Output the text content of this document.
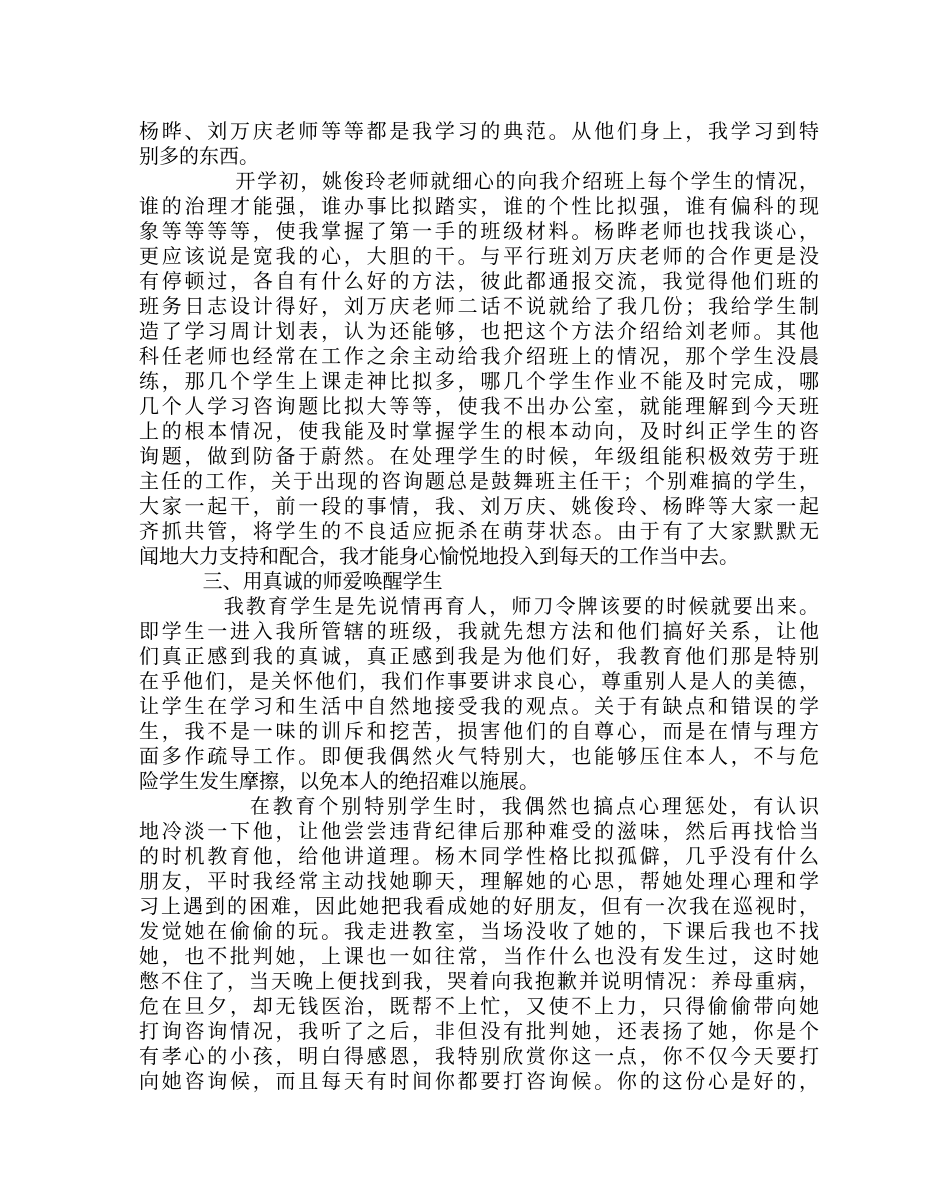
杨晔、刘万庆老师等等都是我学习的典范。从他们身上，我学习到特
别多的东西。
开学初，姚俊玲老师就细心的向我介绍班上每个学生的情况，
谁的治理才能强，谁办事比拟踏实，谁的个性比拟强，谁有偏科的现
象等等等等，使我掌握了第一手的班级材料。杨晔老师也找我谈心，
更应该说是宽我的心，大胆的干。与平行班刘万庆老师的合作更是没
有停顿过，各自有什么好的方法，彼此都通报交流，我觉得他们班的
班务日志设计得好，刘万庆老师二话不说就给了我几份；我给学生制
造了学习周计划表，认为还能够，也把这个方法介绍给刘老师。其他
科任老师也经常在工作之余主动给我介绍班上的情况，那个学生没晨
练，那几个学生上课走神比拟多，哪几个学生作业不能及时完成，哪
几个人学习咨询题比拟大等等，使我不出办公室，就能理解到今天班
上的根本情况，使我能及时掌握学生的根本动向，及时纠正学生的咨
询题，做到防备于蔚然。在处理学生的时候，年级组能积极效劳于班
主任的工作，关于出现的咨询题总是鼓舞班主任干；个别难搞的学生，
大家一起干，前一段的事情，我、刘万庆、姚俊玲、杨晔等大家一起
齐抓共管，将学生的不良适应扼杀在萌芽状态。由于有了大家默默无
闻地大力支持和配合，我才能身心愉悦地投入到每天的工作当中去。
三、用真诚的师爱唤醒学生
我教育学生是先说情再育人，师刀令牌该要的时候就要出来。
即学生一进入我所管辖的班级，我就先想方法和他们搞好关系，让他
们真正感到我的真诚，真正感到我是为他们好，我教育他们那是特别
在乎他们，是关怀他们，我们作事要讲求良心，尊重别人是人的美德，
让学生在学习和生活中自然地接受我的观点。关于有缺点和错误的学
生，我不是一味的训斥和挖苦，损害他们的自尊心，而是在情与理方
面多作疏导工作。即便我偶然火气特别大，也能够压住本人，不与危
险学生发生摩擦，以免本人的绝招难以施展。
在教育个别特别学生时，我偶然也搞点心理惩处，有认识
地冷淡一下他，让他尝尝违背纪律后那种难受的滋味，然后再找恰当
的时机教育他，给他讲道理。杨木同学性格比拟孤僻，几乎没有什么
朋友，平时我经常主动找她聊天，理解她的心思，帮她处理心理和学
习上遇到的困难，因此她把我看成她的好朋友，但有一次我在巡视时，
发觉她在偷偷的玩。我走进教室，当场没收了她的，下课后我也不找
她，也不批判她，上课也一如往常，当作什么也没有发生过，这时她
憋不住了，当天晚上便找到我，哭着向我抱歉并说明情况：养母重病，
危在旦夕，却无钱医治，既帮不上忙，又使不上力，只得偷偷带向她
打询咨询情况，我听了之后，非但没有批判她，还表扬了她，你是个
有孝心的小孩，明白得感恩，我特别欣赏你这一点，你不仅今天要打
向她咨询候，而且每天有时间你都要打咨询候。你的这份心是好的，
